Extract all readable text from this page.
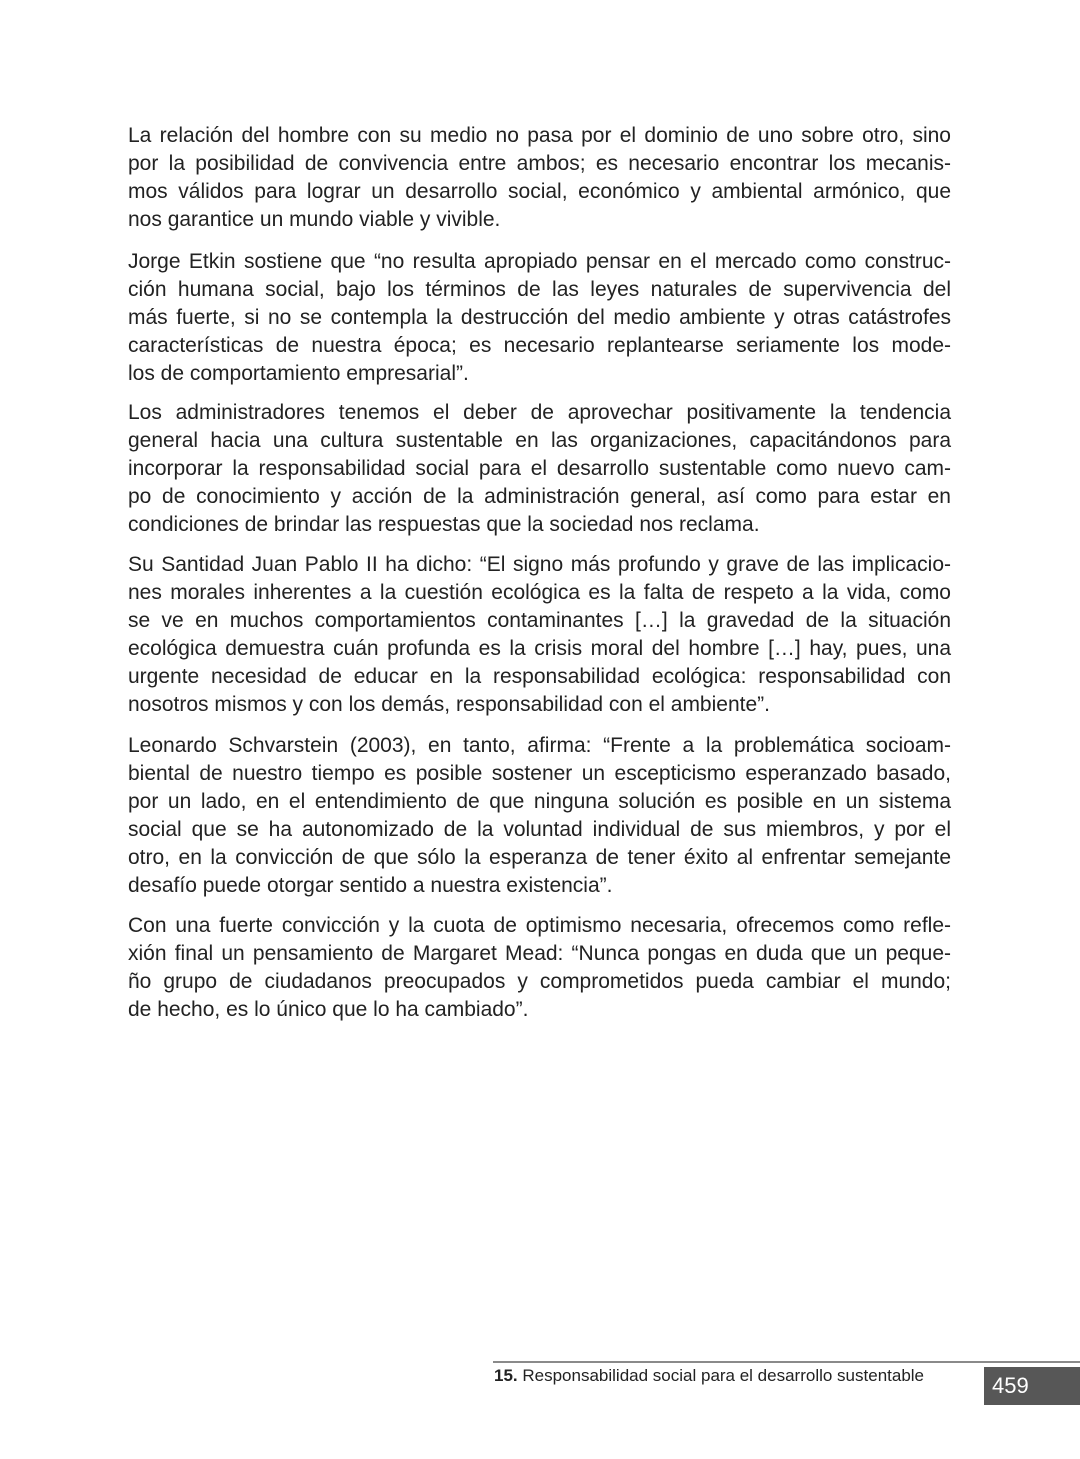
La relación del hombre con su medio no pasa por el dominio de uno sobre otro, sino
por la posibilidad de convivencia entre ambos; es necesario encontrar los mecanis-
mos válidos para lograr un desarrollo social, económico y ambiental armónico, que
nos garantice un mundo viable y vivible.
Jorge Etkin sostiene que “no resulta apropiado pensar en el mercado como construc-
ción humana social, bajo los términos de las leyes naturales de supervivencia del
más fuerte, si no se contempla la destrucción del medio ambiente y otras catástrofes
características de nuestra época; es necesario replantearse seriamente los mode-
los de comportamiento empresarial”.
Los administradores tenemos el deber de aprovechar positivamente la tendencia
general hacia una cultura sustentable en las organizaciones, capacitándonos para
incorporar la responsabilidad social para el desarrollo sustentable como nuevo cam-
po de conocimiento y acción de la administración general, así como para estar en
condiciones de brindar las respuestas que la sociedad nos reclama.
Su Santidad Juan Pablo II ha dicho: “El signo más profundo y grave de las implicacio-
nes morales inherentes a la cuestión ecológica es la falta de respeto a la vida, como
se ve en muchos comportamientos contaminantes […] la gravedad de la situación
ecológica demuestra cuán profunda es la crisis moral del hombre […] hay, pues, una
urgente necesidad de educar en la responsabilidad ecológica: responsabilidad con
nosotros mismos y con los demás, responsabilidad con el ambiente”.
Leonardo Schvarstein (2003), en tanto, afirma: “Frente a la problemática socioam-
biental de nuestro tiempo es posible sostener un escepticismo esperanzado basado,
por un lado, en el entendimiento de que ninguna solución es posible en un sistema
social que se ha autonomizado de la voluntad individual de sus miembros, y por el
otro, en la convicción de que sólo la esperanza de tener éxito al enfrentar semejante
desafío puede otorgar sentido a nuestra existencia”.
Con una fuerte convicción y la cuota de optimismo necesaria, ofrecemos como refle-
xión final un pensamiento de Margaret Mead: “Nunca pongas en duda que un peque-
ño grupo de ciudadanos preocupados y comprometidos pueda cambiar el mundo;
de hecho, es lo único que lo ha cambiado”.
15. Responsabilidad social para el desarrollo sustentable	459
